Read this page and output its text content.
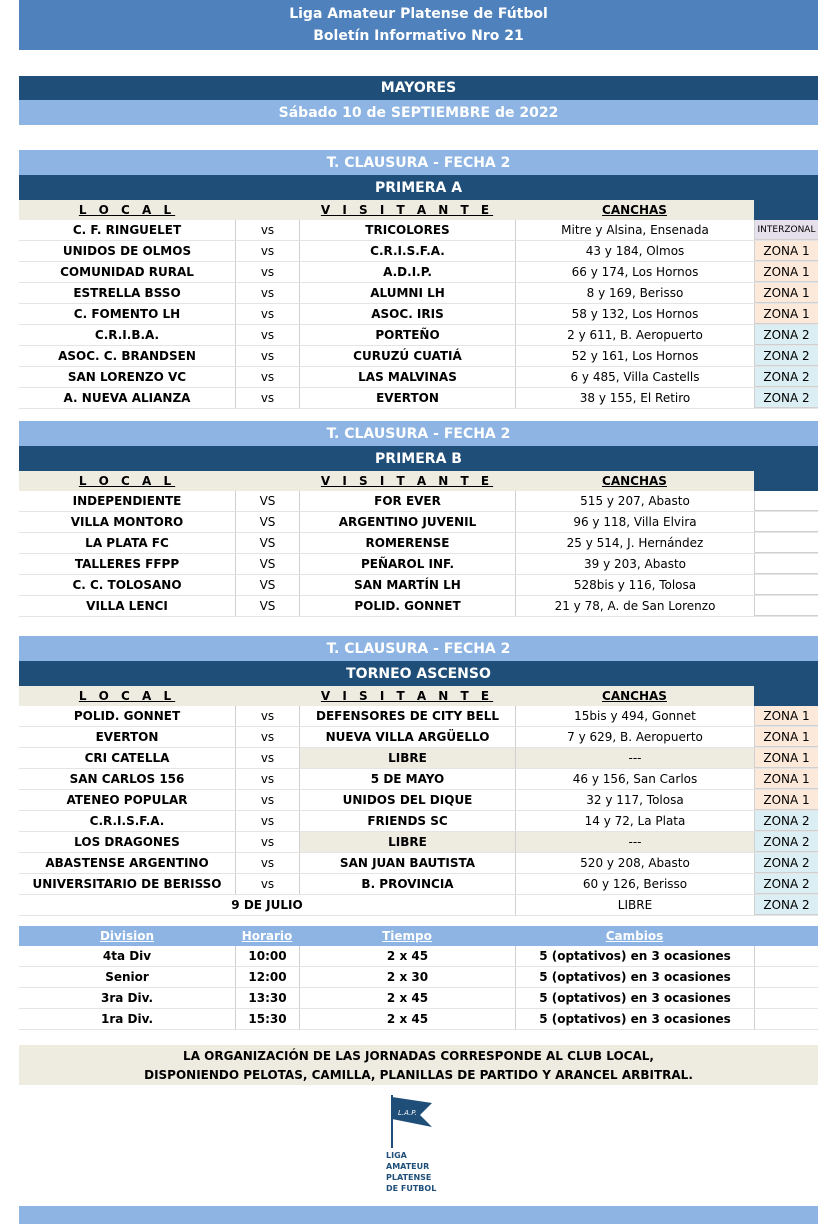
Liga Amateur Platense de Fútbol
Boletín Informativo Nro 21
MAYORES
Sábado 10 de SEPTIEMBRE de 2022
T. CLAUSURA - FECHA 2
PRIMERA A
L O C A L	V I S I T A N T E	CANCHAS
C. F. RINGUELET	vs	TRICOLORES	Mitre y Alsina, Ensenada	INTERZONAL
UNIDOS DE OLMOS	vs	C.R.I.S.F.A.	43 y 184, Olmos	ZONA 1
COMUNIDAD RURAL	vs	A.D.I.P.	66 y 174, Los Hornos	ZONA 1
ESTRELLA BSSO	vs	ALUMNI LH	8 y 169, Berisso	ZONA 1
C. FOMENTO LH	vs	ASOC. IRIS	58 y 132, Los Hornos	ZONA 1
C.R.I.B.A.	vs	PORTEÑO	2 y 611, B. Aeropuerto	ZONA 2
ASOC. C. BRANDSEN	vs	CURUZÚ CUATIÁ	52 y 161, Los Hornos	ZONA 2
SAN LORENZO VC	vs	LAS MALVINAS	6 y 485, Villa Castells	ZONA 2
A. NUEVA ALIANZA	vs	EVERTON	38 y 155, El Retiro	ZONA 2
T. CLAUSURA - FECHA 2
PRIMERA B
L O C A L	V I S I T A N T E	CANCHAS
INDEPENDIENTE	VS	FOR EVER	515 y 207, Abasto
VILLA MONTORO	VS	ARGENTINO JUVENIL	96 y 118, Villa Elvira
LA PLATA FC	VS	ROMERENSE	25 y 514, J. Hernández
TALLERES FFPP	VS	PEÑAROL INF.	39 y 203, Abasto
C. C. TOLOSANO	VS	SAN MARTÍN LH	528bis y 116, Tolosa
VILLA LENCI	VS	POLID. GONNET	21 y 78, A. de San Lorenzo
T. CLAUSURA - FECHA 2
TORNEO ASCENSO
L O C A L	V I S I T A N T E	CANCHAS
POLID. GONNET	vs	DEFENSORES DE CITY BELL	15bis y 494, Gonnet	ZONA 1
EVERTON	vs	NUEVA VILLA ARGÜELLO	7 y 629, B. Aeropuerto	ZONA 1
CRI CATELLA	vs	LIBRE	---	ZONA 1
SAN CARLOS 156	vs	5 DE MAYO	46 y 156, San Carlos	ZONA 1
ATENEO POPULAR	vs	UNIDOS DEL DIQUE	32 y 117, Tolosa	ZONA 1
C.R.I.S.F.A.	vs	FRIENDS SC	14 y 72, La Plata	ZONA 2
LOS DRAGONES	vs	LIBRE	---	ZONA 2
ABASTENSE ARGENTINO	vs	SAN JUAN BAUTISTA	520 y 208, Abasto	ZONA 2
UNIVERSITARIO DE BERISSO	vs	B. PROVINCIA	60 y 126, Berisso	ZONA 2
9 DE JULIO	LIBRE	ZONA 2
Division	Horario	Tiempo	Cambios
4ta Div	10:00	2 x 45	5 (optativos) en 3 ocasiones
Senior	12:00	2 x 30	5 (optativos) en 3 ocasiones
3ra Div.	13:30	2 x 45	5 (optativos) en 3 ocasiones
1ra Div.	15:30	2 x 45	5 (optativos) en 3 ocasiones
LA ORGANIZACIÓN DE LAS JORNADAS CORRESPONDE AL CLUB LOCAL,
DISPONIENDO PELOTAS, CAMILLA, PLANILLAS DE PARTIDO Y ARANCEL ARBITRAL.
L.A.P.
LIGA
AMATEUR
PLATENSE
DE FUTBOL
